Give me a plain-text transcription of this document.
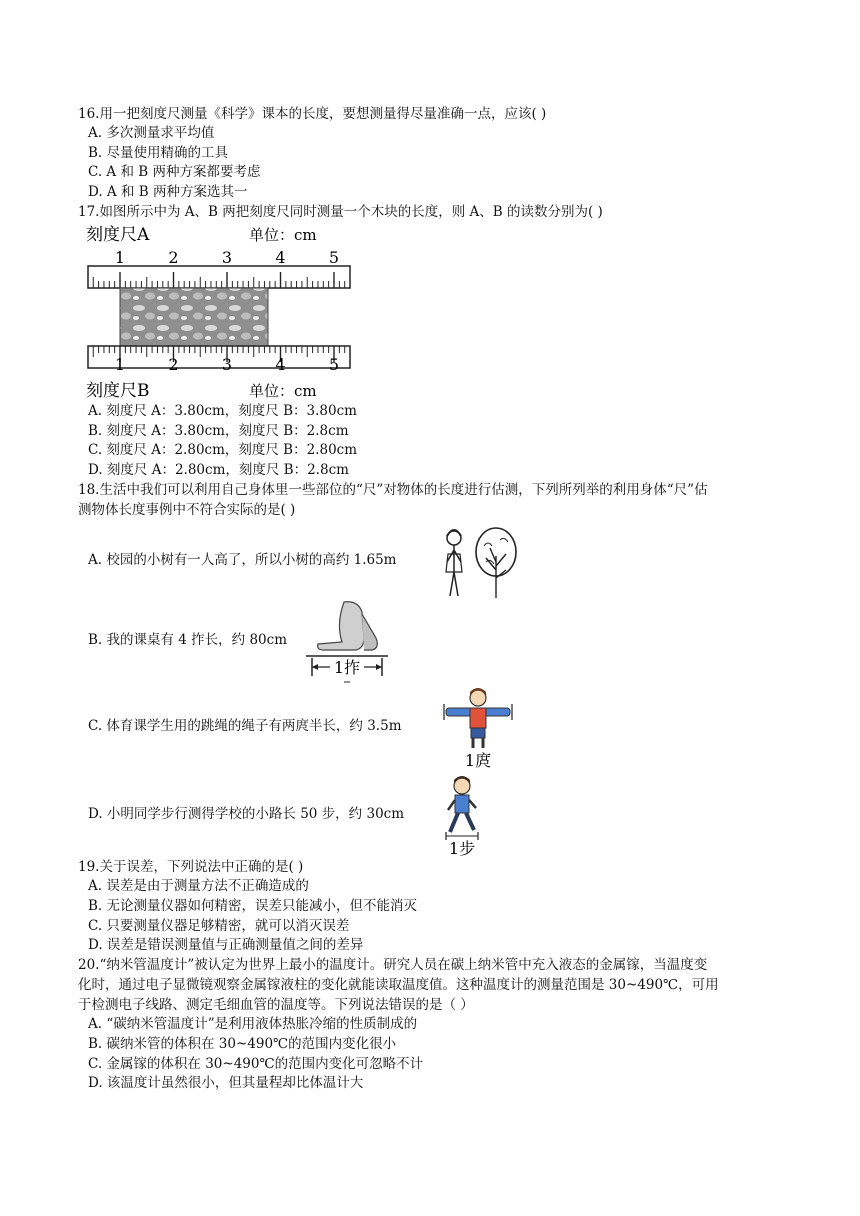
16.用一把刻度尺测量《科学》课本的长度，要想测量得尽量准确一点，应该( )
A. 多次测量求平均值
B. 尽量使用精确的工具
C. A 和 B 两种方案都要考虑
D. A 和 B 两种方案选其一
17.如图所示中为 A、B 两把刻度尺同时测量一个木块的长度，则 A、B 的读数分别为( )
刻度尺A	单位：cm
1	2	3	4	5
1	2	3	4	5
刻度尺B	单位：cm
A. 刻度尺 A：3.80cm，刻度尺 B：3.80cm
B. 刻度尺 A：3.80cm，刻度尺 B：2.8cm
C. 刻度尺 A：2.80cm，刻度尺 B：2.80cm
D. 刻度尺 A：2.80cm，刻度尺 B：2.8cm
18.生活中我们可以利用自己身体里一些部位的“尺”对物体的长度进行估测，下列所列举的利用身体“尺”估
测物体长度事例中不符合实际的是( )
A. 校园的小树有一人高了，所以小树的高约 1.65m
B. 我的课桌有 4 拃长，约 80cm
1拃
C. 体育课学生用的跳绳的绳子有两庹半长，约 3.5m
1庹
D. 小明同学步行测得学校的小路长 50 步，约 30cm
1步
19.关于误差，下列说法中正确的是( )
A. 误差是由于测量方法不正确造成的
B. 无论测量仪器如何精密，误差只能减小，但不能消灭
C. 只要测量仪器足够精密，就可以消灭误差
D. 误差是错误测量值与正确测量值之间的差异
20.“纳米管温度计”被认定为世界上最小的温度计。研究人员在碳上纳米管中充入液态的金属镓，当温度变
化时，通过电子显微镜观察金属镓液柱的变化就能读取温度值。这种温度计的测量范围是 30~490℃，可用
于检测电子线路、测定毛细血管的温度等。下列说法错误的是（ ）
A. “碳纳米管温度计”是利用液体热胀冷缩的性质制成的
B. 碳纳米管的体积在 30~490℃的范围内变化很小
C. 金属镓的体积在 30~490℃的范围内变化可忽略不计
D. 该温度计虽然很小，但其量程却比体温计大
